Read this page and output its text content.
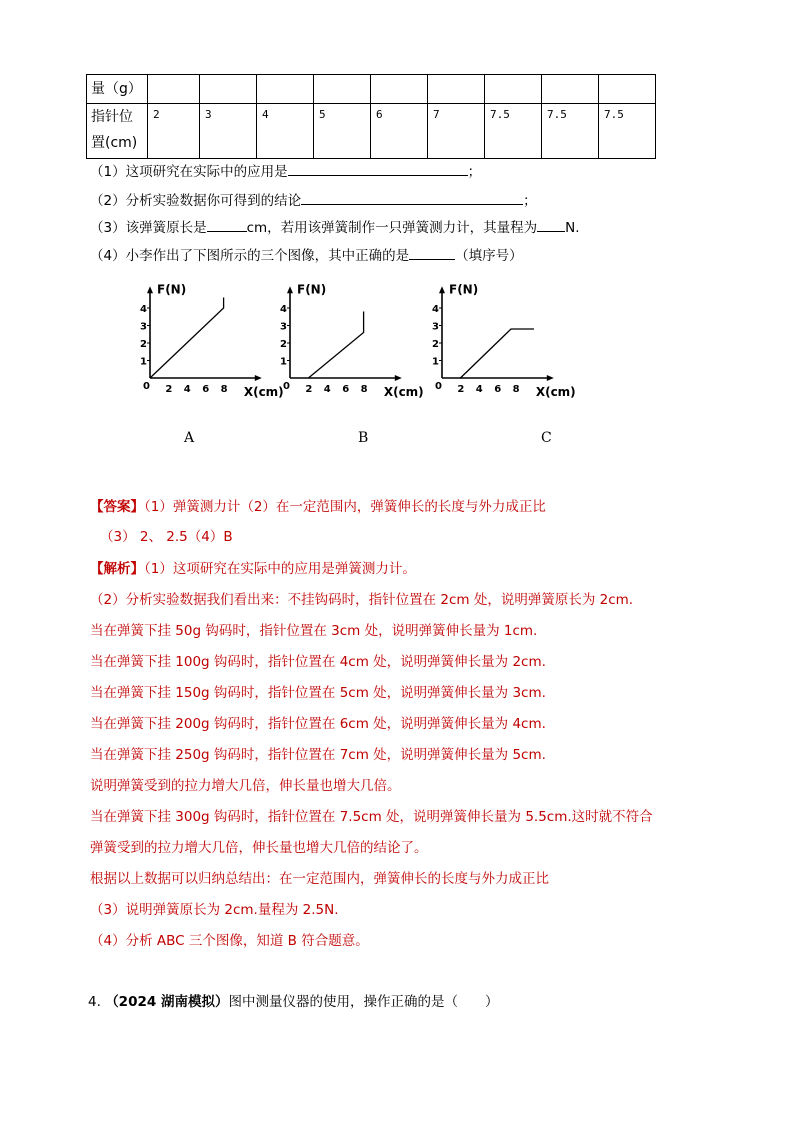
量（g）									

指针位
置(cm)	2	3	4	5	6	7	7.5	7.5	7.5
（1）这项研究在实际中的应用是	；
（2）分析实验数据你可得到的结论	；
（3）该弹簧原长是	cm，若用该弹簧制作一只弹簧测力计，其量程为 N.
（4）小李作出了下图所示的三个图像，其中正确的是	（填序号）
F(N)
X(cm)
0 2 4 6 8
1
2
3
4
F(N)
X(cm)
0 2 4 6 8
1
2
3
4
F(N)
X(cm)
0 2 4 6 8
1
2
3
4
A	B	C
【答案】（1）弹簧测力计（2）在一定范围内，弹簧伸长的长度与外力成正比
（3） 2、 2.5（4）B
【解析】（1）这项研究在实际中的应用是弹簧测力计。
（2）分析实验数据我们看出来：不挂钩码时，指针位置在 2cm 处，说明弹簧原长为 2cm.
当在弹簧下挂 50g 钩码时，指针位置在 3cm 处，说明弹簧伸长量为 1cm.
当在弹簧下挂 100g 钩码时，指针位置在 4cm 处，说明弹簧伸长量为 2cm.
当在弹簧下挂 150g 钩码时，指针位置在 5cm 处，说明弹簧伸长量为 3cm.
当在弹簧下挂 200g 钩码时，指针位置在 6cm 处，说明弹簧伸长量为 4cm.
当在弹簧下挂 250g 钩码时，指针位置在 7cm 处，说明弹簧伸长量为 5cm.
说明弹簧受到的拉力增大几倍，伸长量也增大几倍。
当在弹簧下挂 300g 钩码时，指针位置在 7.5cm 处，说明弹簧伸长量为 5.5cm.这时就不符合
弹簧受到的拉力增大几倍，伸长量也增大几倍的结论了。
根据以上数据可以归纳总结出：在一定范围内，弹簧伸长的长度与外力成正比
（3）说明弹簧原长为 2cm.量程为 2.5N.
（4）分析 ABC 三个图像，知道 B 符合题意。
4. （2024 湖南模拟）图中测量仪器的使用，操作正确的是（　　）
